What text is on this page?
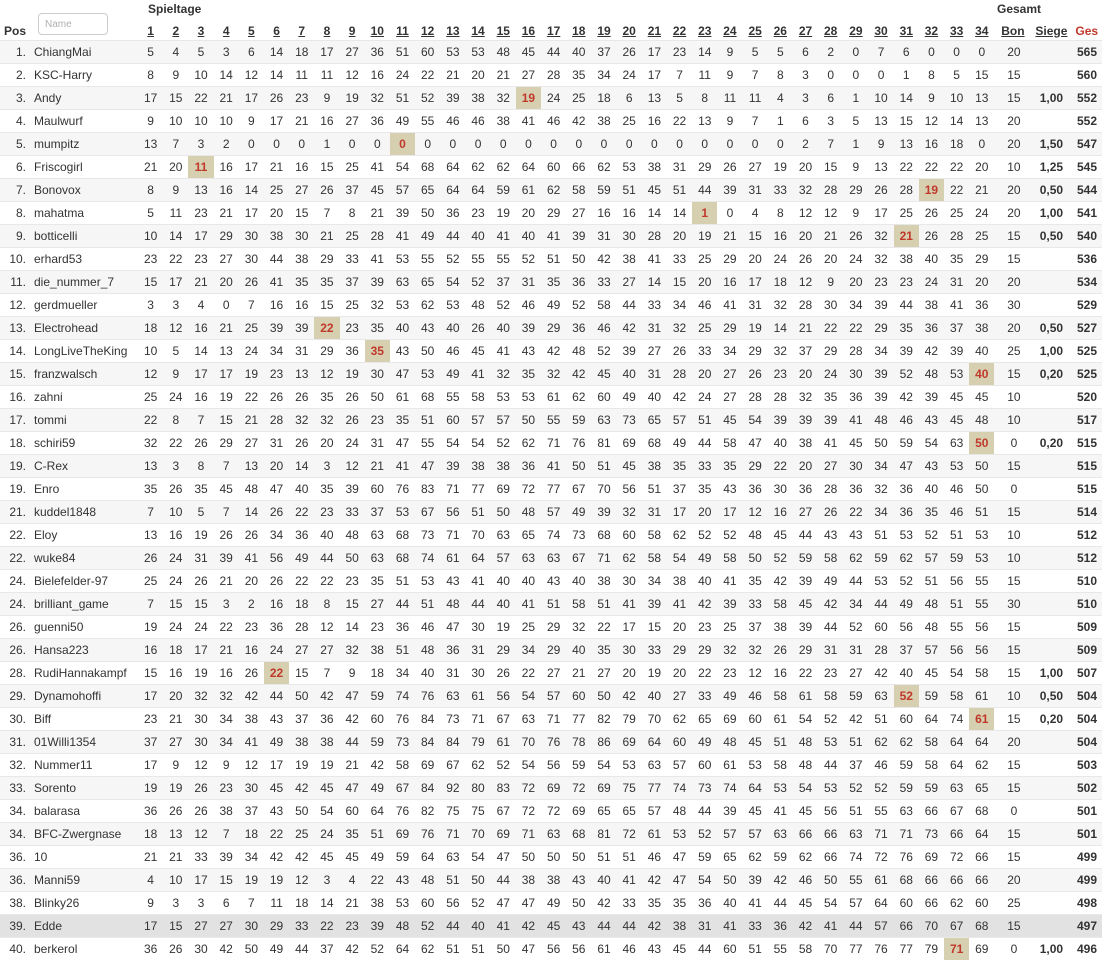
Spieltage	Gesamt
Pos		1	2	3	4	5	6	7	8	9	10	11	12	13	14	15	16	17	18	19	20	21	22	23	24	25	26	27	28	29	30	31	32	33	34	Bon	Siege	Ges
1.	ChiangMai	5	4	5	3	6	14	18	17	27	36	51	60	53	53	48	45	44	40	37	26	17	23	14	9	5	5	6	2	0	7	6	0	0	0	20		565
2.	KSC-Harry	8	9	10	14	12	14	11	11	12	16	24	22	21	20	21	27	28	35	34	24	17	7	11	9	7	8	3	0	0	0	1	8	5	15	15		560
3.	Andy	17	15	22	21	17	26	23	9	19	32	51	52	39	38	32	19	24	25	18	6	13	5	8	11	11	4	3	6	1	10	14	9	10	13	15	1,00	552
4.	Maulwurf	9	10	10	10	9	17	21	16	27	36	49	55	46	46	38	41	46	42	38	25	16	22	13	9	7	1	6	3	5	13	15	12	14	13	20		552
5.	mumpitz	13	7	3	2	0	0	0	1	0	0	0	0	0	0	0	0	0	0	0	0	0	0	0	0	0	0	2	7	1	9	13	16	18	0	20	1,50	547
6.	Friscogirl	21	20	11	16	17	21	16	15	25	41	54	68	64	62	62	64	60	66	62	53	38	31	29	26	27	19	20	15	9	13	22	22	22	20	10	1,25	545
7.	Bonovox	8	9	13	16	14	25	27	26	37	45	57	65	64	64	59	61	62	58	59	51	45	51	44	39	31	33	32	28	29	26	28	19	22	21	20	0,50	544
8.	mahatma	5	11	23	21	17	20	15	7	8	21	39	50	36	23	19	20	29	27	16	16	14	14	1	0	4	8	12	12	9	17	25	26	25	24	20	1,00	541
9.	botticelli	10	14	17	29	30	38	30	21	25	28	41	49	44	40	41	40	41	39	31	30	28	20	19	21	15	16	20	21	26	32	21	26	28	25	15	0,50	540
10.	erhard53	23	22	23	27	30	44	38	29	33	41	53	55	52	55	55	52	51	50	42	38	41	33	25	29	20	24	26	20	24	32	38	40	35	29	15		536
11.	die_nummer_7	15	17	21	20	26	41	35	35	37	39	63	65	54	52	37	31	35	36	33	27	14	15	20	16	17	18	12	9	20	23	23	24	31	20	20		534
12.	gerdmueller	3	3	4	0	7	16	16	15	25	32	53	62	53	48	52	46	49	52	58	44	33	34	46	41	31	32	28	30	34	39	44	38	41	36	30		529
13.	Electrohead	18	12	16	21	25	39	39	22	23	35	40	43	40	26	40	39	29	36	46	42	31	32	25	29	19	14	21	22	22	29	35	36	37	38	20	0,50	527
14.	LongLiveTheKing	10	5	14	13	24	34	31	29	36	35	43	50	46	45	41	43	42	48	52	39	27	26	33	34	29	32	37	29	28	34	39	42	39	40	25	1,00	525
15.	franzwalsch	12	9	17	17	19	23	13	12	19	30	47	53	49	41	32	35	32	42	45	40	31	28	20	27	26	23	20	24	30	39	52	48	53	40	15	0,20	525
16.	zahni	25	24	16	19	22	26	26	35	26	50	61	68	55	58	53	53	61	62	60	49	40	42	24	27	28	28	32	35	36	39	42	39	45	45	10		520
17.	tommi	22	8	7	15	21	28	32	32	26	23	35	51	60	57	57	50	55	59	63	73	65	57	51	45	54	39	39	39	41	48	46	43	45	48	10		517
18.	schiri59	32	22	26	29	27	31	26	20	24	31	47	55	54	54	52	62	71	76	81	69	68	49	44	58	47	40	38	41	45	50	59	54	63	50	0	0,20	515
19.	C-Rex	13	3	8	7	13	20	14	3	12	21	41	47	39	38	38	36	41	50	51	45	38	35	33	35	29	22	20	27	30	34	47	43	53	50	15		515
19.	Enro	35	26	35	45	48	47	40	35	39	60	76	83	71	77	69	72	77	67	70	56	51	37	35	43	36	30	36	28	36	32	36	40	46	50	0		515
21.	kuddel1848	7	10	5	7	14	26	22	23	33	37	53	67	56	51	50	48	57	49	39	32	31	17	20	17	12	16	27	26	22	34	36	35	46	51	15		514
22.	Eloy	13	16	19	26	26	34	36	40	48	63	68	73	71	70	63	65	74	73	68	60	58	62	52	52	48	45	44	43	43	51	53	52	51	53	10		512
22.	wuke84	26	24	31	39	41	56	49	44	50	63	68	74	61	64	57	63	63	67	71	62	58	54	49	58	50	52	59	58	62	59	62	57	59	53	10		512
24.	Bielefelder-97	25	24	26	21	20	26	22	22	23	35	51	53	43	41	40	40	43	40	38	30	34	38	40	41	35	42	39	49	44	53	52	51	56	55	15		510
24.	brilliant_game	7	15	15	3	2	16	18	8	15	27	44	51	48	44	40	41	51	58	51	41	39	41	42	39	33	58	45	42	34	44	49	48	51	55	30		510
26.	guenni50	19	24	24	22	23	36	28	12	14	23	36	46	47	30	19	25	29	32	22	17	15	20	23	25	37	38	39	44	52	60	56	48	55	56	15		509
26.	Hansa223	16	18	17	21	16	24	27	27	32	38	51	48	36	31	29	34	29	40	35	30	33	29	29	32	32	26	29	31	31	28	37	57	56	56	15		509
28.	RudiHannakampf	15	16	19	16	26	22	15	7	9	18	34	40	31	30	26	22	27	21	27	20	19	20	22	23	12	16	22	23	27	42	40	45	54	58	15	1,00	507
29.	Dynamohoffi	17	20	32	32	42	44	50	42	47	59	74	76	63	61	56	54	57	60	50	42	40	27	33	49	46	58	61	58	59	63	52	59	58	61	10	0,50	504
30.	Biff	23	21	30	34	38	43	37	36	42	60	76	84	73	71	67	63	71	77	82	79	70	62	65	69	60	61	54	52	42	51	60	64	74	61	15	0,20	504
31.	01Willi1354	37	27	30	34	41	49	38	38	44	59	73	84	84	79	61	70	76	78	86	69	64	60	49	48	45	51	48	53	51	62	62	58	64	64	20		504
32.	Nummer11	17	9	12	9	12	17	19	19	21	42	58	69	67	62	52	54	56	59	54	53	63	57	60	61	53	58	48	44	37	46	59	58	64	62	15		503
33.	Sorento	19	19	26	23	30	45	42	45	47	49	67	84	92	80	83	72	69	72	69	75	77	74	73	74	64	53	54	53	52	52	59	59	63	65	15		502
34.	balarasa	36	26	26	38	37	43	50	54	60	64	76	82	75	75	67	72	72	69	65	65	57	48	44	39	45	41	45	56	51	55	63	66	67	68	0		501
34.	BFC-Zwergnase	18	13	12	7	18	22	25	24	35	51	69	76	71	70	69	71	63	68	81	72	61	53	52	57	57	63	66	66	63	71	71	73	66	64	15		501
36.	10	21	21	33	39	34	42	42	45	45	49	59	64	63	54	47	50	50	50	51	51	46	47	59	65	62	59	62	66	74	72	76	69	72	66	15		499
36.	Manni59	4	10	17	15	19	19	12	3	4	22	43	48	51	50	44	38	38	43	40	41	42	47	54	50	39	42	46	50	55	61	68	66	66	66	20		499
38.	Blinky26	9	3	3	6	7	11	18	14	21	38	53	60	56	52	47	47	49	50	42	33	35	35	36	40	41	44	45	54	57	64	60	66	62	60	25		498
39.	Edde	17	15	27	27	30	29	33	22	23	39	48	52	44	40	41	42	45	43	44	44	42	38	31	41	33	36	42	41	44	57	66	70	67	68	15		497
40.	berkerol	36	26	30	42	50	49	44	37	42	52	64	62	51	51	50	47	56	56	61	46	43	45	44	60	51	55	58	70	77	76	77	79	71	69	0	1,00	496
Name
